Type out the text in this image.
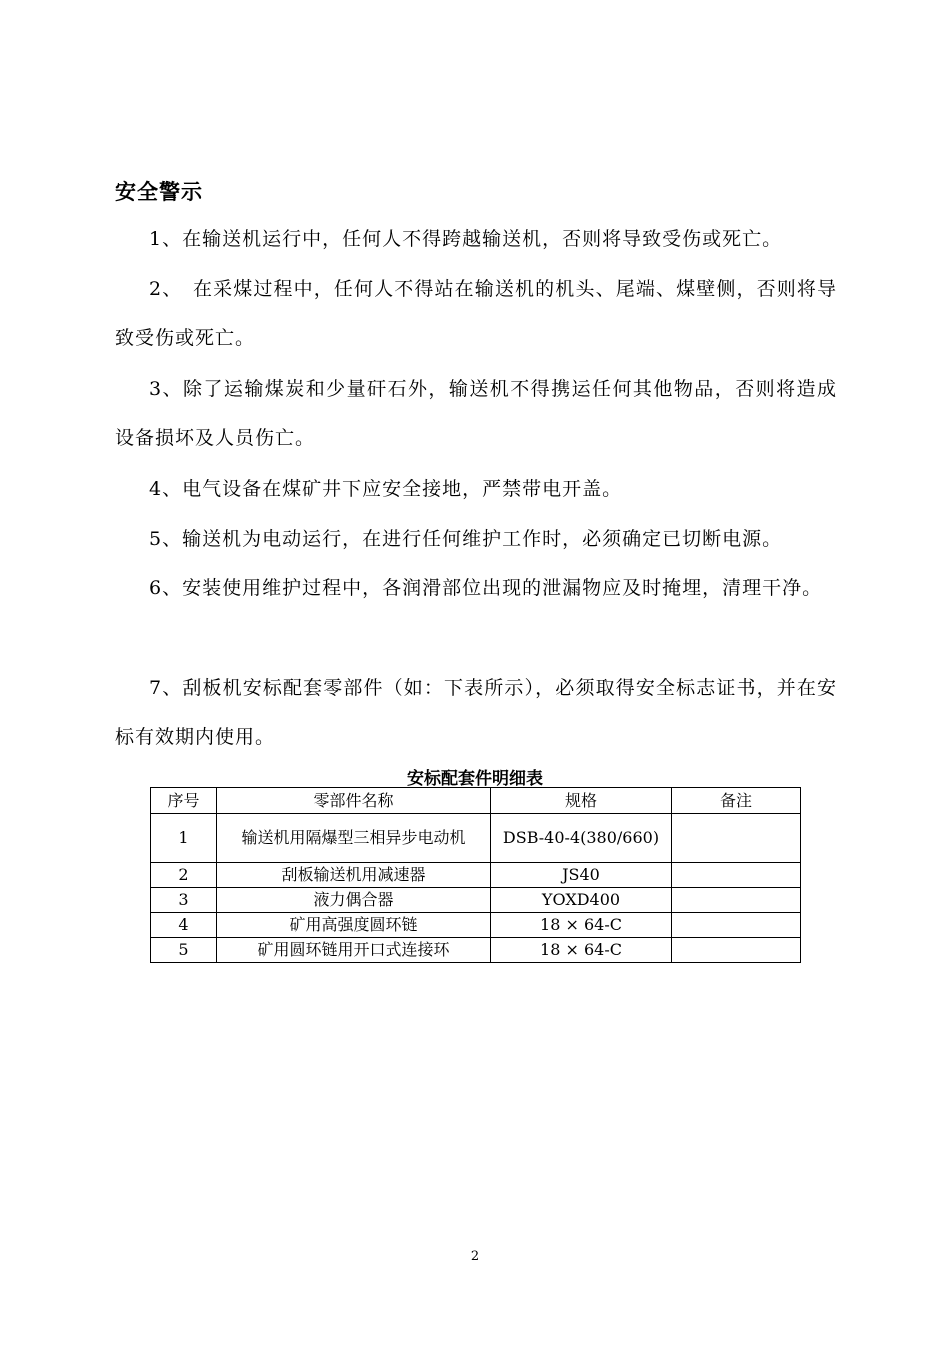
安全警示
1、在输送机运行中，任何人不得跨越输送机，否则将导致受伤或死亡。
2、　在采煤过程中，任何人不得站在输送机的机头、尾端、煤壁侧，否则将导致受伤或死亡。
3、除了运输煤炭和少量矸石外，输送机不得携运任何其他物品，否则将造成设备损坏及人员伤亡。
4、电气设备在煤矿井下应安全接地，严禁带电开盖。
5、输送机为电动运行，在进行任何维护工作时，必须确定已切断电源。
6、安装使用维护过程中，各润滑部位出现的泄漏物应及时掩埋，清理干净。
7、刮板机安标配套零部件（如：下表所示），必须取得安全标志证书，并在安标有效期内使用。
安标配套件明细表
序号	零部件名称	规格	备注
1	输送机用隔爆型三相异步电动机	DSB-40-4(380/660)	
2	刮板输送机用减速器	JS40	
3	液力偶合器	YOXD400	
4	矿用高强度圆环链	18 × 64-C	
5	矿用圆环链用开口式连接环	18 × 64-C	
2
